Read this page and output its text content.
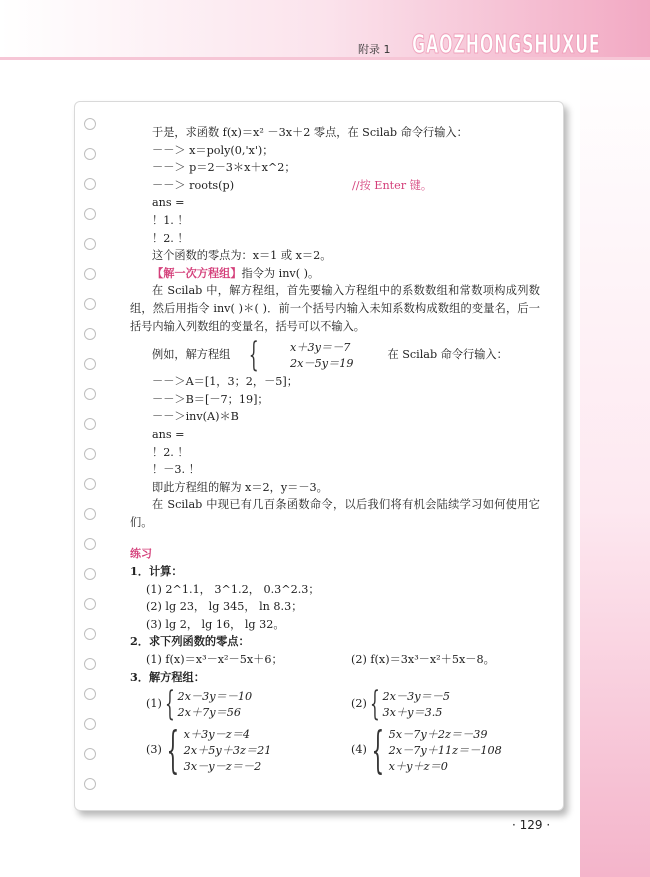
附录 1 GAOZHONGSHUXUE
于是，求函数 f(x)＝x² －3x＋2 零点，在 Scilab 命令行输入：
－－＞ x＝poly(0,'x')；
－－＞ p＝2－3＊x＋x^2；
－－＞ roots(p)	//按 Enter 键。
ans =
！1. ！
！2. ！
这个函数的零点为：x＝1 或 x＝2。
【解一次方程组】指令为 inv( )。
在 Scilab 中，解方程组，首先要输入方程组中的系数数组和常数项构成列数组，然后用指令 inv( )＊( )．前一个括号内输入未知系数构成数组的变量名，后一括号内输入列数组的变量名，括号可以不输入。
例如，解方程组 {	x＋3y＝－7
2x－5y＝19
在 Scilab 命令行输入：
－－＞A＝[1，3；2，－5]；
－－＞B＝[－7；19]；
－－＞inv(A)＊B
ans =
！2. ！
！－3. ！
即此方程组的解为 x＝2，y＝－3。
在 Scilab 中现已有几百条函数命令，以后我们将有机会陆续学习如何使用它们。
练习
1．计算：
(1) 2^1.1， 3^1.2， 0.3^2.3；
(2) lg 23， lg 345， ln 8.3；
(3) lg 2， lg 16， lg 32。
2．求下列函数的零点：
(1) f(x)＝x³－x²－5x＋6；	(2) f(x)＝3x³－x²＋5x－8。
3．解方程组：
(1) { 2x－3y＝－10
2x＋7y＝56
(2) { 2x－3y＝－5
3x＋y＝3.5
(3) { x＋3y－z＝4
2x＋5y＋3z＝21
3x－y－z＝－2
(4) { 5x－7y＋2z＝－39
2x－7y＋11z＝－108
x＋y＋z＝0
· 129 ·
